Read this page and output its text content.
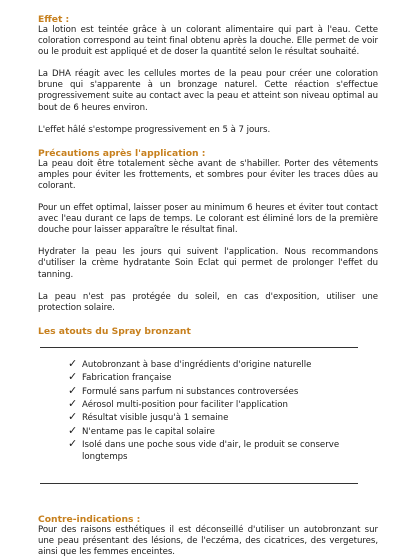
Effet :

La lotion est teintée grâce à un colorant alimentaire qui part à l'eau. Cette coloration correspond au teint final obtenu après la douche. Elle permet de voir ou le produit est appliqué et de doser la quantité selon le résultat souhaité.

La DHA réagit avec les cellules mortes de la peau pour créer une coloration brune qui s'apparente à un bronzage naturel. Cette réaction s'effectue progressivement suite au contact avec la peau et atteint son niveau optimal au bout de 6 heures environ.

L'effet hâlé s'estompe progressivement en 5 à 7 jours.

Précautions après l'application :

La peau doit être totalement sèche avant de s'habiller. Porter des vêtements amples pour éviter les frottements, et sombres pour éviter les traces dûes au colorant.

Pour un effet optimal, laisser poser au minimum 6 heures et éviter tout contact avec l'eau durant ce laps de temps. Le colorant est éliminé lors de la première douche pour laisser apparaître le résultat final.

Hydrater la peau les jours qui suivent l'application. Nous recommandons d'utiliser la crème hydratante Soin Eclat qui permet de prolonger l'effet du tanning.

La peau n'est pas protégée du soleil, en cas d'exposition, utiliser une protection solaire.

Les atouts du Spray bronzant
✓ Autobronzant à base d'ingrédients d'origine naturelle
✓ Fabrication française
✓ Formulé sans parfum ni substances controversées
✓ Aérosol multi-position pour faciliter l'application
✓ Résultat visible jusqu'à 1 semaine
✓ N'entame pas le capital solaire
✓ Isolé dans une poche sous vide d'air, le produit se conserve longtemps
Contre-indications :

Pour des raisons esthétiques il est déconseillé d'utiliser un autobronzant sur une peau présentant des lésions, de l'eczéma, des cicatrices, des vergetures, ainsi que les femmes enceintes.
